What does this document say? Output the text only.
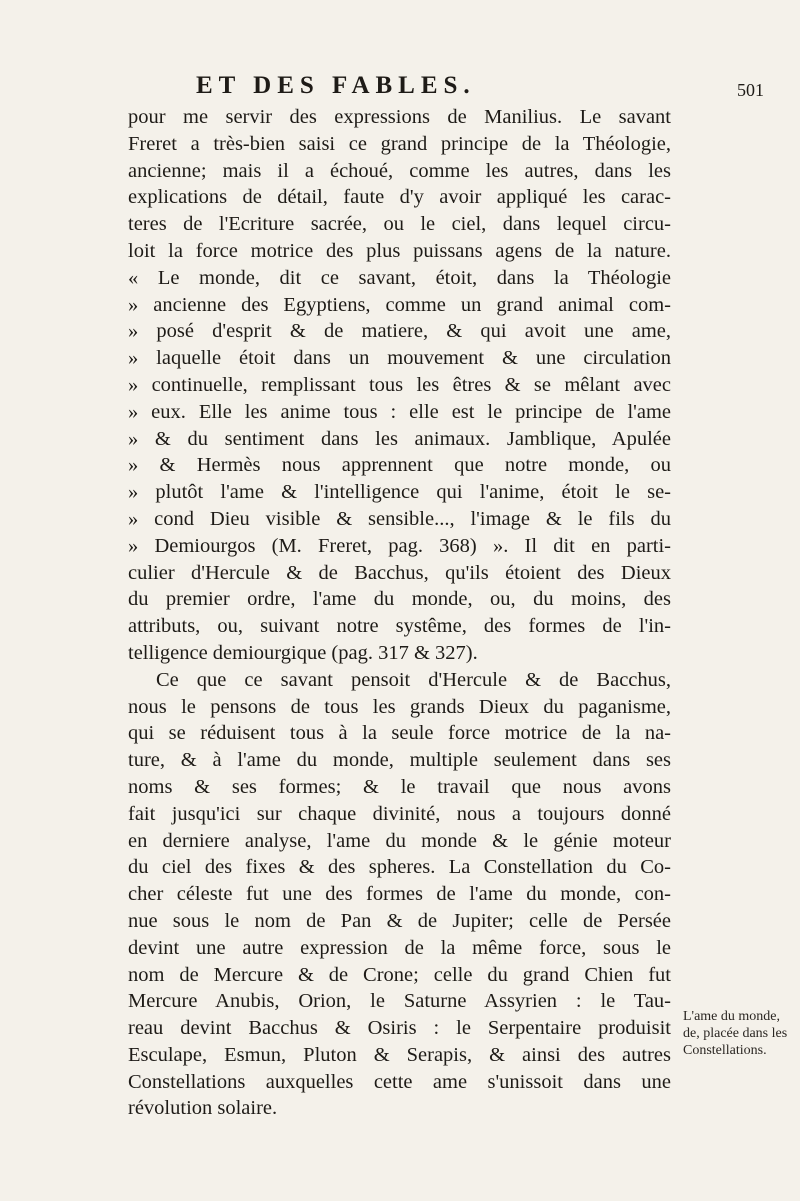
ET DES FABLES.	501
pour me servir des expressions de Manilius. Le savant
Freret a très-bien saisi ce grand principe de la Théologie,
ancienne; mais il a échoué, comme les autres, dans les
explications de détail, faute d'y avoir appliqué les carac-
teres de l'Ecriture sacrée, ou le ciel, dans lequel circu-
loit la force motrice des plus puissans agens de la nature.
« Le monde, dit ce savant, étoit, dans la Théologie
» ancienne des Egyptiens, comme un grand animal com-
» posé d'esprit & de matiere, & qui avoit une ame,
» laquelle étoit dans un mouvement & une circulation
» continuelle, remplissant tous les êtres & se mêlant avec
» eux. Elle les anime tous : elle est le principe de l'ame
» & du sentiment dans les animaux. Jamblique, Apulée
» & Hermès nous apprennent que notre monde, ou
» plutôt l'ame & l'intelligence qui l'anime, étoit le se-
» cond Dieu visible & sensible..., l'image & le fils du
» Demiourgos (M. Freret, pag. 368) ». Il dit en parti-
culier d'Hercule & de Bacchus, qu'ils étoient des Dieux
du premier ordre, l'ame du monde, ou, du moins, des
attributs, ou, suivant notre systême, des formes de l'in-
telligence demiourgique (pag. 317 & 327).
Ce que ce savant pensoit d'Hercule & de Bacchus,
nous le pensons de tous les grands Dieux du paganisme,
qui se réduisent tous à la seule force motrice de la na-
ture, & à l'ame du monde, multiple seulement dans ses
noms & ses formes; & le travail que nous avons
fait jusqu'ici sur chaque divinité, nous a toujours donné
en derniere analyse, l'ame du monde & le génie moteur
du ciel des fixes & des spheres. La Constellation du Co-
cher céleste fut une des formes de l'ame du monde, con-
nue sous le nom de Pan & de Jupiter; celle de Persée
devint une autre expression de la même force, sous le
nom de Mercure & de Crone; celle du grand Chien fut
Mercure Anubis, Orion, le Saturne Assyrien : le Tau-
reau devint Bacchus & Osiris : le Serpentaire produisit
Esculape, Esmun, Pluton & Serapis, & ainsi des autres
Constellations auxquelles cette ame s'unissoit dans une
révolution solaire.
L'ame du monde,
de, placée dans les
Constellations.
